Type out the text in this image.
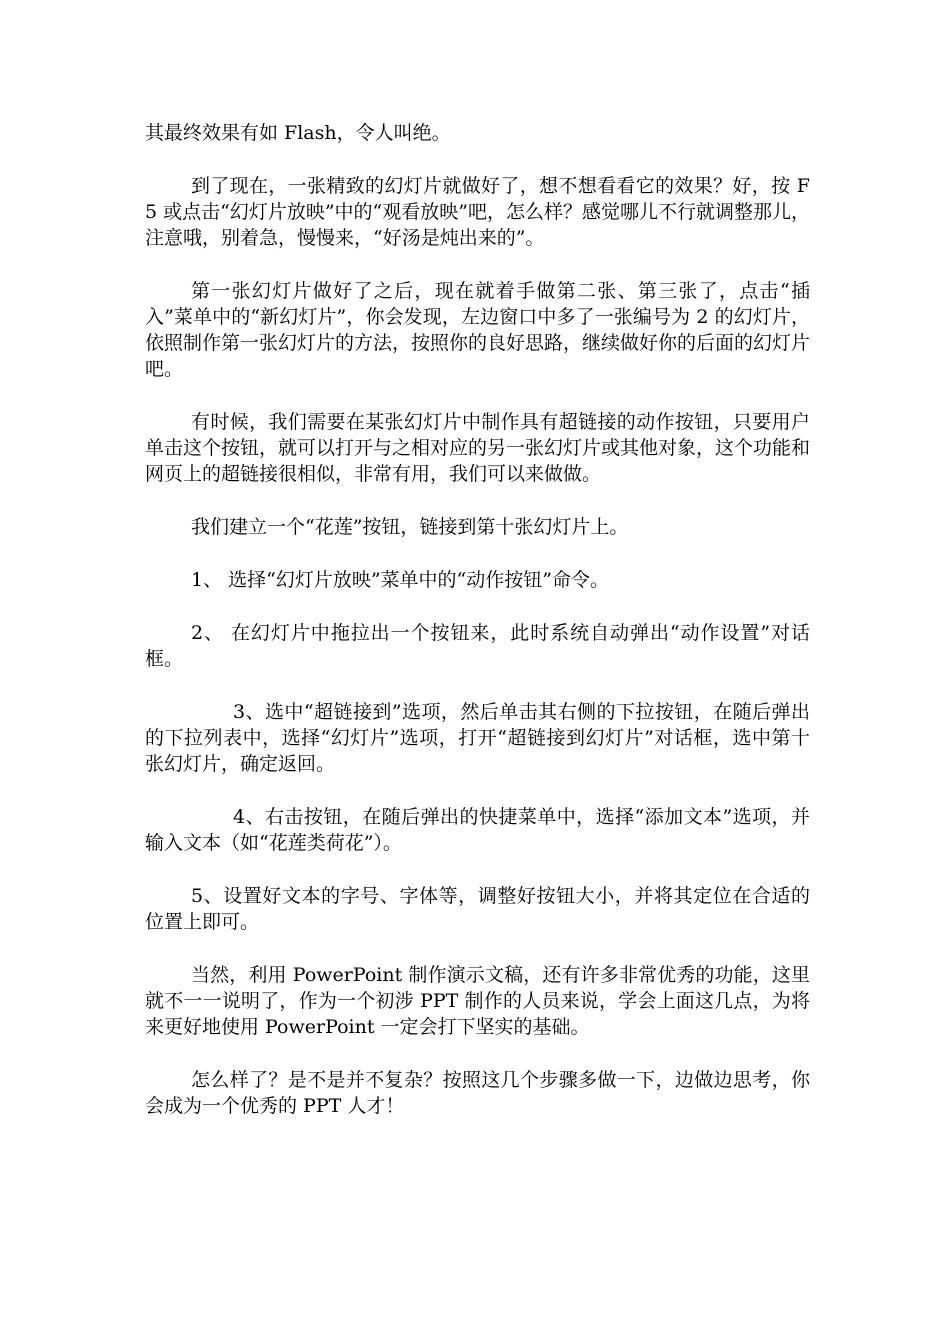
其最终效果有如 Flash，令人叫绝。

到了现在，一张精致的幻灯片就做好了，想不想看看它的效果？好，按 F5 或点击“幻灯片放映”中的“观看放映”吧，怎么样？感觉哪儿不行就调整那儿，注意哦，别着急，慢慢来，“好汤是炖出来的”。

第一张幻灯片做好了之后，现在就着手做第二张、第三张了，点击“插入”菜单中的“新幻灯片”，你会发现，左边窗口中多了一张编号为 2 的幻灯片，依照制作第一张幻灯片的方法，按照你的良好思路，继续做好你的后面的幻灯片吧。

有时候，我们需要在某张幻灯片中制作具有超链接的动作按钮，只要用户单击这个按钮，就可以打开与之相对应的另一张幻灯片或其他对象，这个功能和网页上的超链接很相似，非常有用，我们可以来做做。

我们建立一个“花莲”按钮，链接到第十张幻灯片上。

1、 选择“幻灯片放映”菜单中的“动作按钮”命令。

2、 在幻灯片中拖拉出一个按钮来，此时系统自动弹出“动作设置”对话框。

3、选中“超链接到”选项，然后单击其右侧的下拉按钮，在随后弹出的下拉列表中，选择“幻灯片”选项，打开“超链接到幻灯片”对话框，选中第十张幻灯片，确定返回。

4、右击按钮，在随后弹出的快捷菜单中，选择“添加文本”选项，并输入文本（如“花莲类荷花”）。

5、设置好文本的字号、字体等，调整好按钮大小，并将其定位在合适的位置上即可。

当然，利用 PowerPoint 制作演示文稿，还有许多非常优秀的功能，这里就不一一说明了，作为一个初涉 PPT 制作的人员来说，学会上面这几点，为将来更好地使用 PowerPoint 一定会打下坚实的基础。

怎么样了？是不是并不复杂？按照这几个步骤多做一下，边做边思考，你会成为一个优秀的 PPT 人才！
